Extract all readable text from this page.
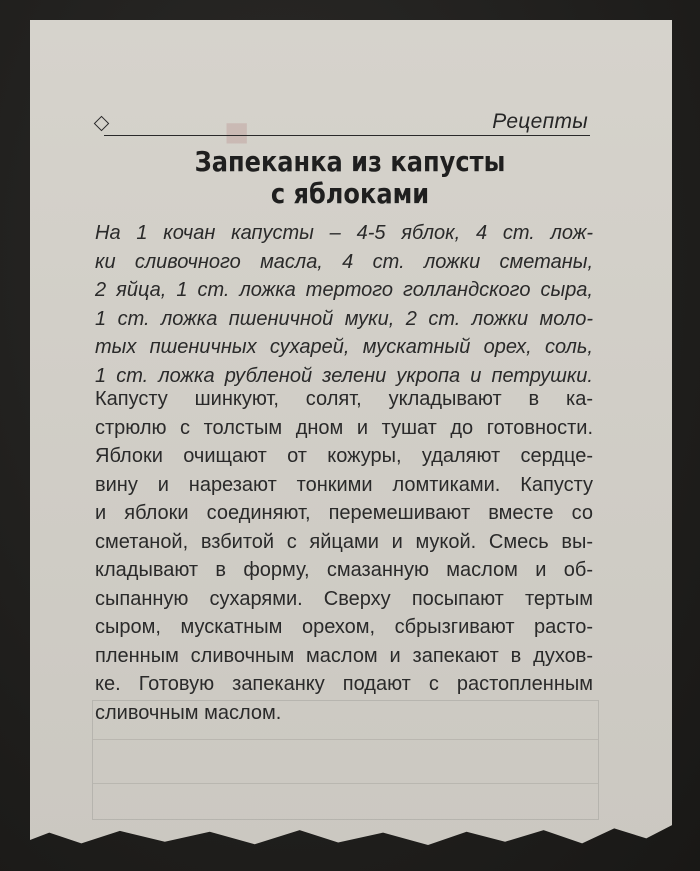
■	Рецепты
Запеканка из капусты
с яблоками
На 1 кочан капусты – 4-5 яблок, 4 ст. лож-
ки сливочного масла, 4 ст. ложки сметаны,
2 яйца, 1 ст. ложка тертого голландского сыра,
1 ст. ложка пшеничной муки, 2 ст. ложки моло-
тых пшеничных сухарей, мускатный орех, соль,
1 ст. ложка рубленой зелени укропа и петрушки.
Капусту шинкуют, солят, укладывают в ка-
стрюлю с толстым дном и тушат до готовности.
Яблоки очищают от кожуры, удаляют сердце-
вину и нарезают тонкими ломтиками. Капусту
и яблоки соединяют, перемешивают вместе со
сметаной, взбитой с яйцами и мукой. Смесь вы-
кладывают в форму, смазанную маслом и об-
сыпанную сухарями. Сверху посыпают тертым
сыром, мускатным орехом, сбрызгивают расто-
пленным сливочным маслом и запекают в духов-
ке. Готовую запеканку подают с растопленным
сливочным маслом.
